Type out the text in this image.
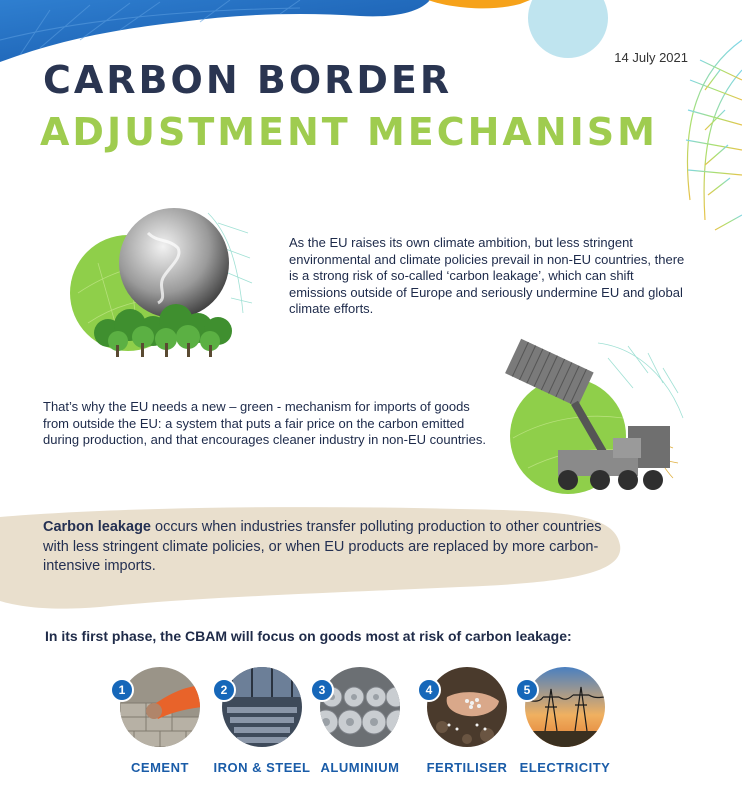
14 July 2021
CARBON BORDER
ADJUSTMENT MECHANISM
As the EU raises its own climate ambition, but less stringent environmental and climate policies prevail in non-EU countries, there is a strong risk of so-called ‘carbon leakage’, which can shift emissions outside of Europe and seriously undermine EU and global climate efforts.
That’s why the EU needs a new – green - mechanism for imports of goods from outside the EU: a system that puts a fair price on the carbon emitted during production, and that encourages cleaner industry in non-EU countries.
Carbon leakage occurs when industries transfer polluting production to other countries with less stringent climate policies, or when EU products are replaced by more carbon-intensive imports.
In its first phase, the CBAM will focus on goods most at risk of carbon leakage:
1
CEMENT
2
IRON & STEEL
3
ALUMINIUM
4
FERTILISER
5
ELECTRICITY
